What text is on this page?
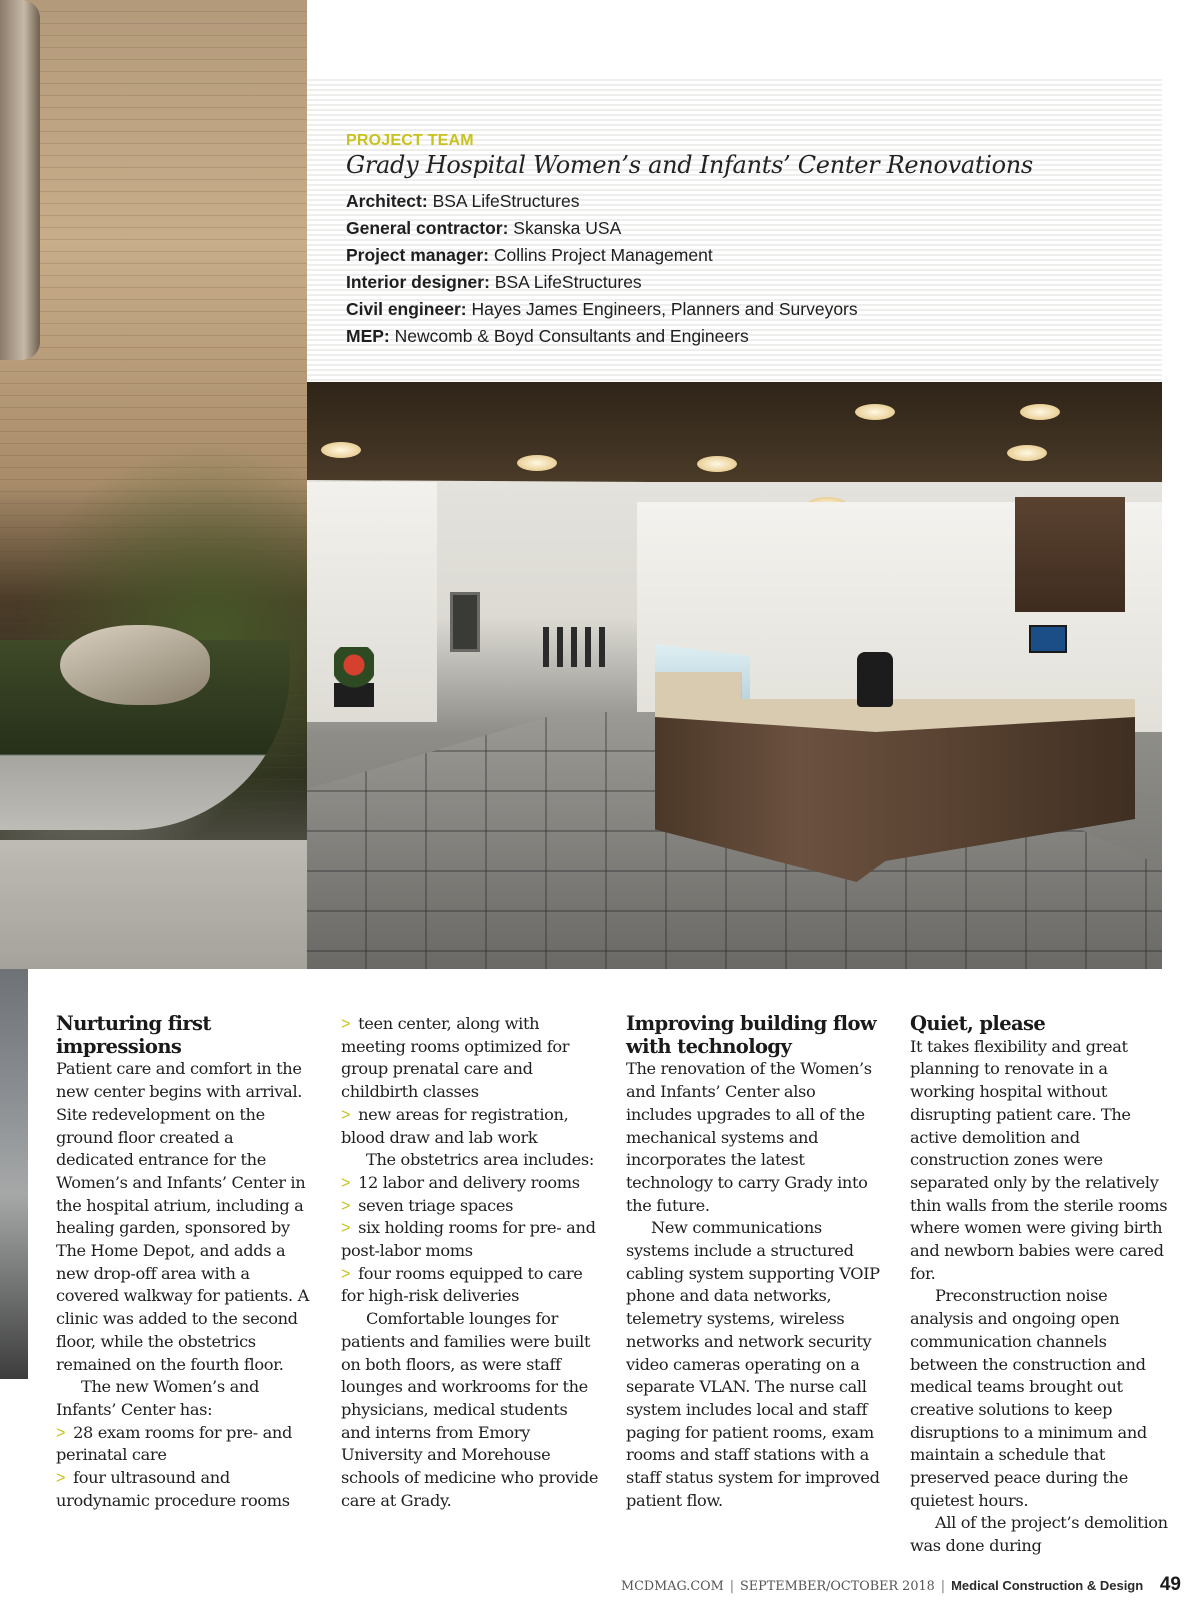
PROJECT TEAM
Grady Hospital Women’s and Infants’ Center Renovations
Architect: BSA LifeStructures
General contractor: Skanska USA
Project manager: Collins Project Management
Interior designer: BSA LifeStructures
Civil engineer: Hayes James Engineers, Planners and Surveyors
MEP: Newcomb & Boyd Consultants and Engineers
Nurturing first impressions

Patient care and comfort in the new center begins with arrival. Site redevelopment on the ground floor created a dedicated entrance for the Women’s and Infants’ Center in the hospital atrium, including a healing garden, sponsored by The Home Depot, and adds a new drop-off area with a covered walkway for patients. A clinic was added to the second floor, while the obstetrics remained on the fourth floor.

The new Women’s and Infants’ Center has:

> 28 exam rooms for pre- and perinatal care

> four ultrasound and urodynamic procedure rooms

> teen center, along with meeting rooms optimized for group prenatal care and childbirth classes

> new areas for registration, blood draw and lab work

The obstetrics area includes:

> 12 labor and delivery rooms

> seven triage spaces

> six holding rooms for pre- and post-labor moms

> four rooms equipped to care for high-risk deliveries

Comfortable lounges for patients and families were built on both floors, as were staff lounges and workrooms for the physicians, medical students and interns from Emory University and Morehouse schools of medicine who provide care at Grady.

Improving building flow with technology

The renovation of the Women’s and Infants’ Center also includes upgrades to all of the mechanical systems and incorporates the latest technology to carry Grady into the future.

New communications systems include a structured cabling system supporting VOIP phone and data networks, telemetry systems, wireless networks and network security video cameras operating on a separate VLAN. The nurse call system includes local and staff paging for patient rooms, exam rooms and staff stations with a staff status system for improved patient flow.

Quiet, please

It takes flexibility and great planning to renovate in a working hospital without disrupting patient care. The active demolition and construction zones were separated only by the relatively thin walls from the sterile rooms where women were giving birth and newborn babies were cared for.

Preconstruction noise analysis and ongoing open communication channels between the construction and medical teams brought out creative solutions to keep disruptions to a minimum and maintain a schedule that preserved peace during the quietest hours.

All of the project’s demolition was done during

MCDMAG.COM | SEPTEMBER/OCTOBER 2018 | Medical Construction & Design 49
